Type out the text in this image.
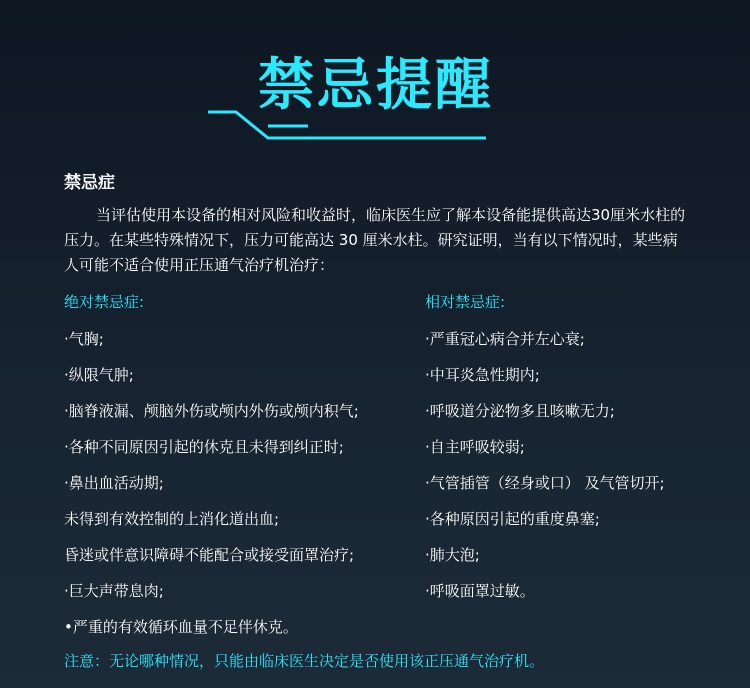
禁忌提醒
禁忌症

当评估使用本设备的相对风险和收益时，临床医生应了解本设备能提供高达30厘米水柱的压力。在某些特殊情况下，压力可能高达 30 厘米水柱。研究证明，当有以下情况时，某些病人可能不适合使用正压通气治疗机治疗：

绝对禁忌症:	相对禁忌症:
·气胸;
·纵限气肿;
·脑脊液漏、颅脑外伤或颅内外伤或颅内积气;
·各种不同原因引起的休克且未得到纠正时;
·鼻出血活动期;
未得到有效控制的上消化道出血;
昏迷或伴意识障碍不能配合或接受面罩治疗;
·巨大声带息肉;
•严重的有效循环血量不足伴休克。
·严重冠心病合并左心衰;
·中耳炎急性期内;
·呼吸道分泌物多且咳嗽无力;
·自主呼吸较弱;
·气管插管（经身或口） 及气管切开;
·各种原因引起的重度鼻塞;
·肺大泡;
·呼吸面罩过敏。
注意：无论哪种情况，只能由临床医生决定是否使用该正压通气治疗机。
